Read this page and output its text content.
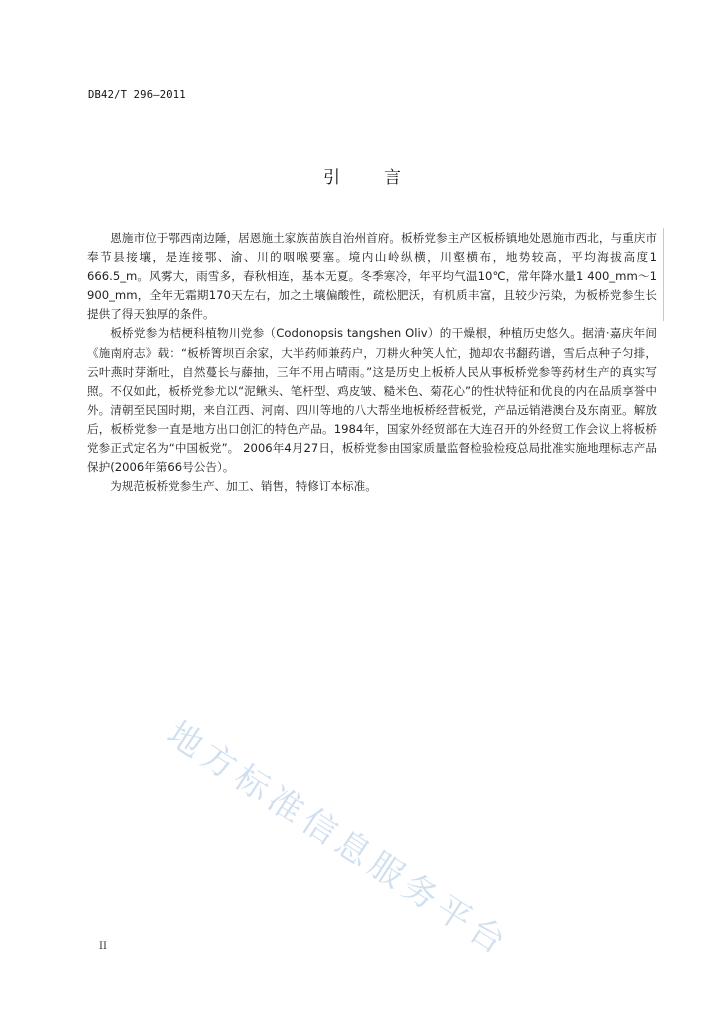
DB42/T 296—2011
引言

恩施市位于鄂西南边陲，居恩施土家族苗族自治州首府。板桥党参主产区板桥镇地处恩施市西北，与重庆市奉节县接壤，是连接鄂、渝、川的咽喉要塞。境内山岭纵横，川壑横布，地势较高，平均海拔高度1 666.5_m。风雾大，雨雪多，春秋相连，基本无夏。冬季寒冷，年平均气温10℃，常年降水量1 400_mm～1 900_mm，全年无霜期170天左右，加之土壤偏酸性，疏松肥沃，有机质丰富，且较少污染，为板桥党参生长提供了得天独厚的条件。

板桥党参为桔梗科植物川党参（Codonopsis tangshen Oliv）的干燥根，种植历史悠久。据清·嘉庆年间《施南府志》载：“板桥箐坝百余家，大半药师兼药户，刀耕火种笑人忙，抛却农书翻药谱，雪后点种子匀排，云叶燕时芽渐吐，自然蔓长与藤抽，三年不用占晴雨。”这是历史上板桥人民从事板桥党参等药材生产的真实写照。不仅如此，板桥党参尤以“泥鳅头、笔杆型、鸡皮皱、糙米色、菊花心”的性状特征和优良的内在品质享誉中外。清朝至民国时期，来自江西、河南、四川等地的八大帮坐地板桥经营板党，产品远销港澳台及东南亚。解放后，板桥党参一直是地方出口创汇的特色产品。1984年，国家外经贸部在大连召开的外经贸工作会议上将板桥党参正式定名为“中国板党”。 2006年4月27日，板桥党参由国家质量监督检验检疫总局批准实施地理标志产品保护(2006年第66号公告）。

为规范板桥党参生产、加工、销售，特修订本标准。

地方标准信息服务平台
II
